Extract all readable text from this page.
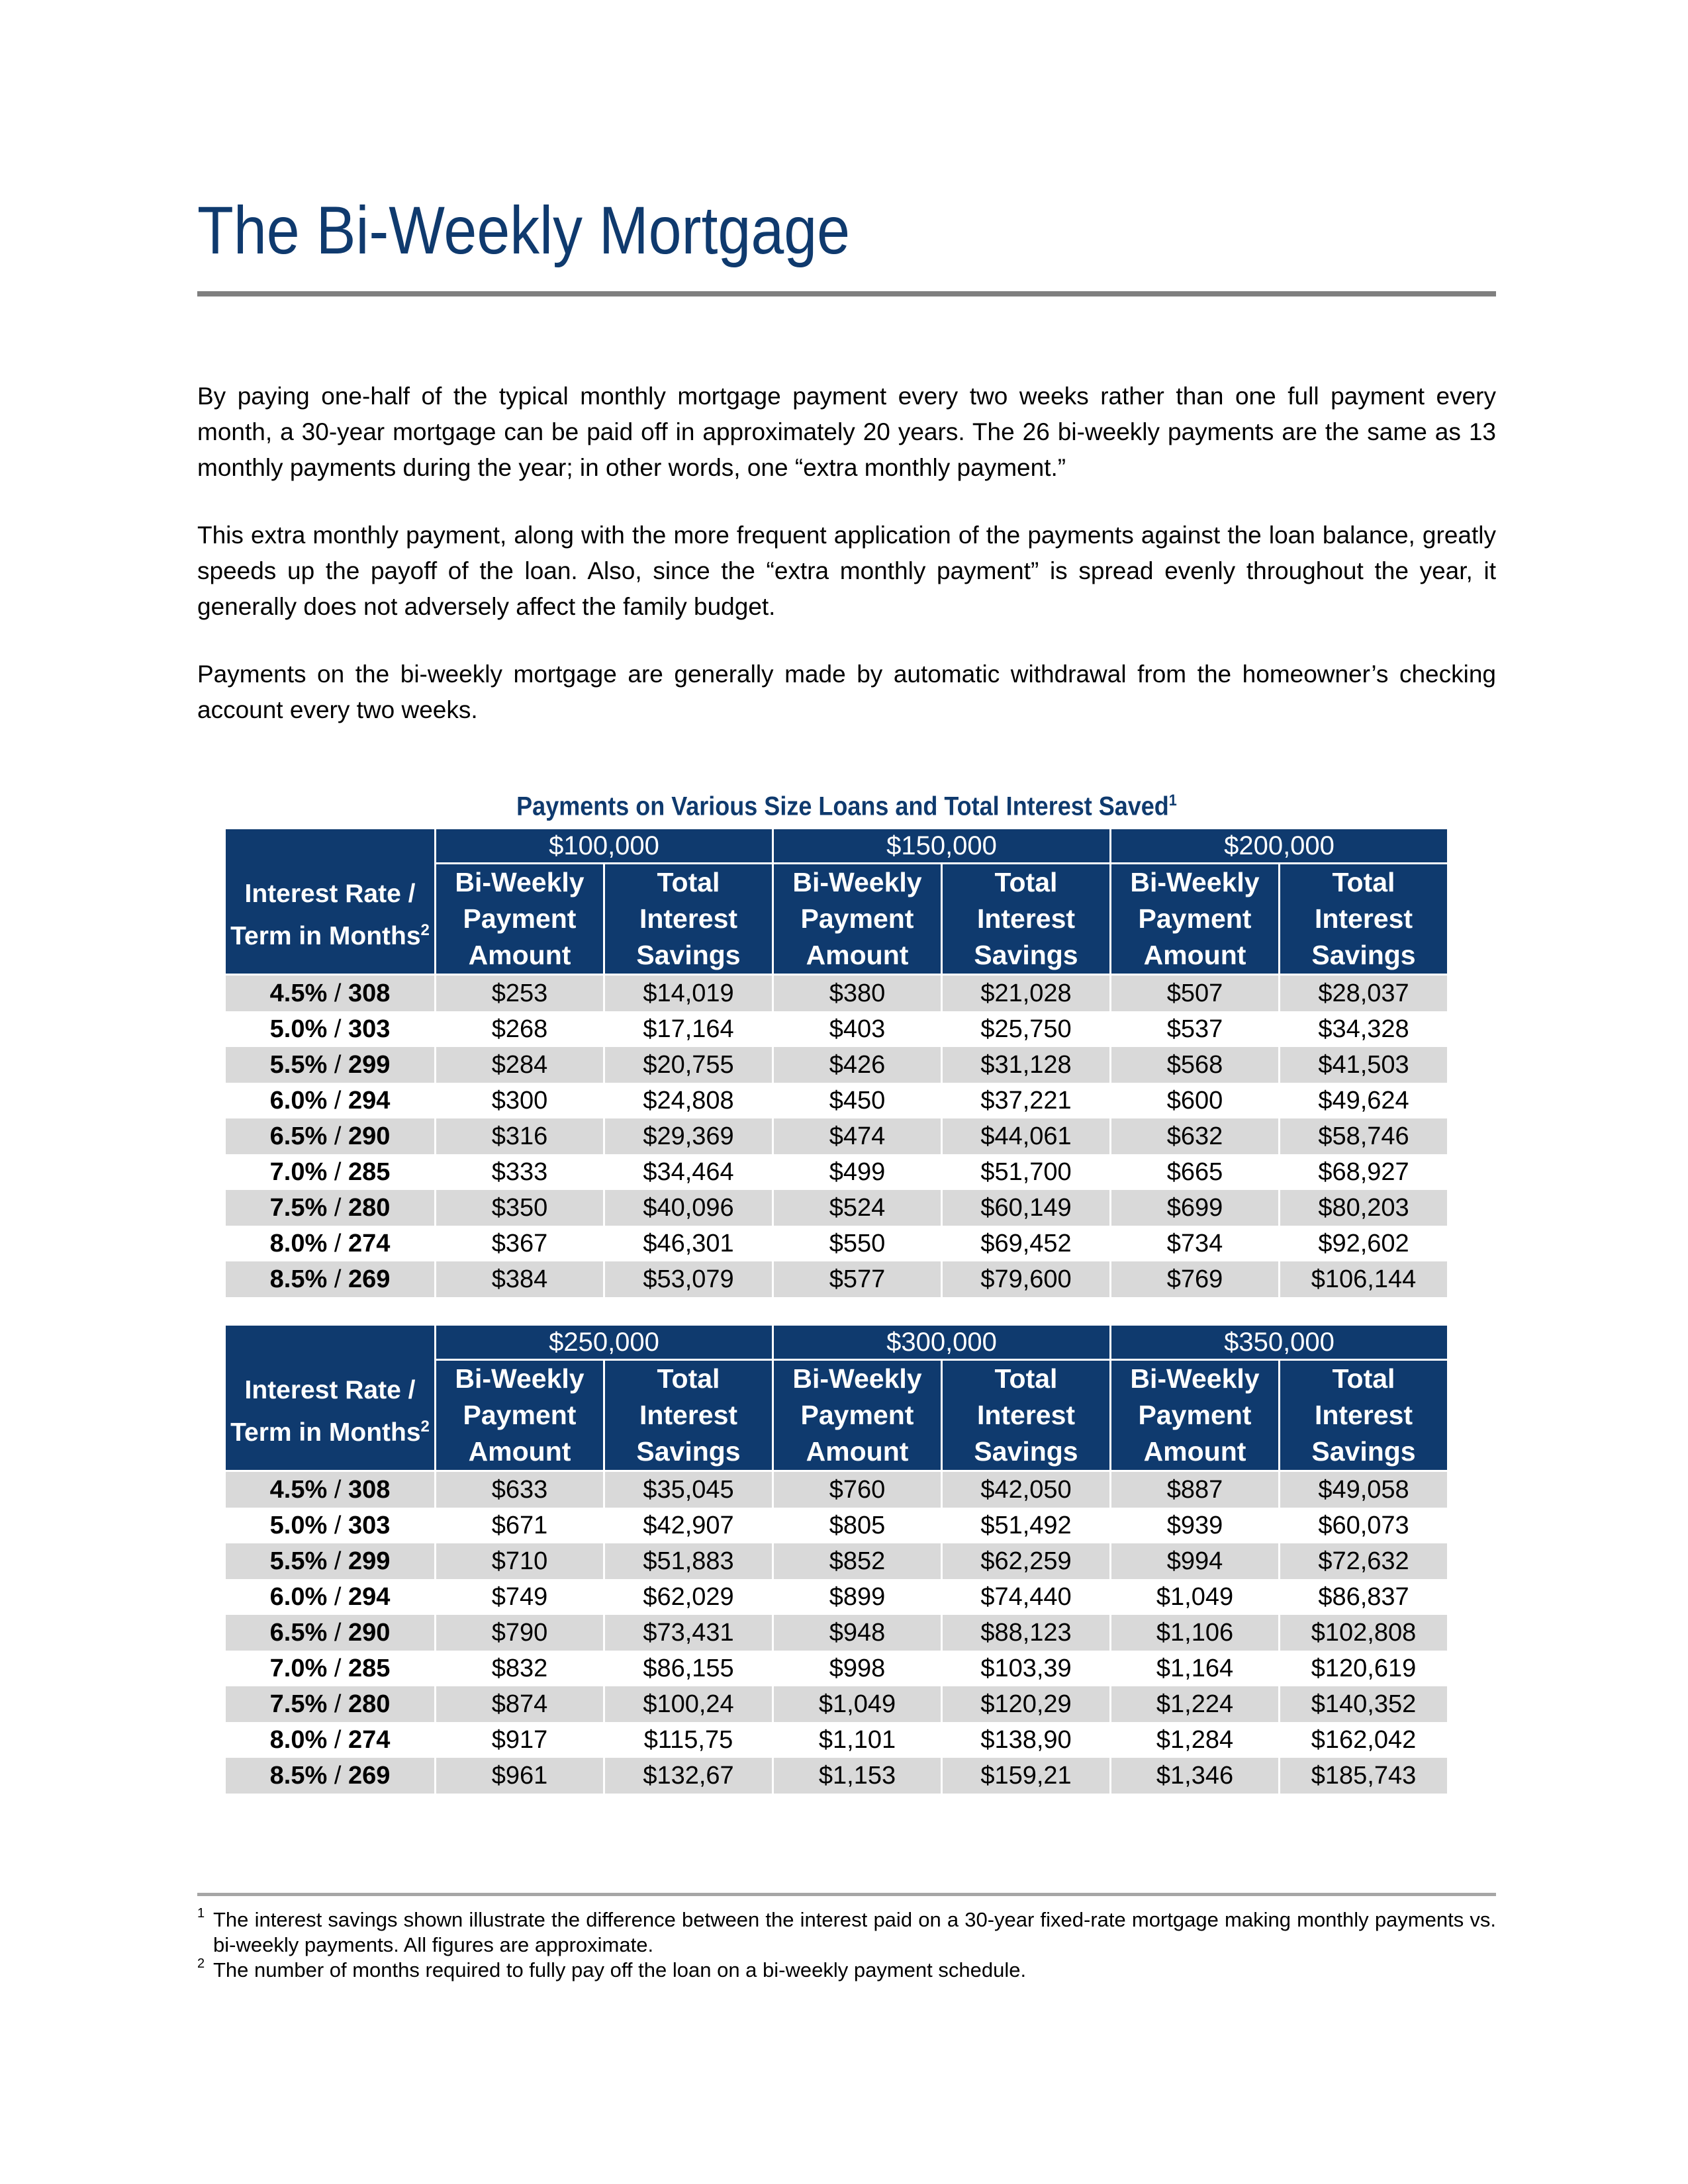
The Bi-Weekly Mortgage

By paying one-half of the typical monthly mortgage payment every two weeks rather than one full payment every month, a 30-year mortgage can be paid off in approximately 20 years. The 26 bi-weekly payments are the same as 13 monthly payments during the year; in other words, one “extra monthly payment.”

This extra monthly payment, along with the more frequent application of the payments against the loan balance, greatly speeds up the payoff of the loan. Also, since the “extra monthly payment” is spread evenly throughout the year, it generally does not adversely affect the family budget.

Payments on the bi-weekly mortgage are generally made by automatic withdrawal from the homeowner’s checking account every two weeks.

Payments on Various Size Loans and Total Interest Saved$^1$
Interest Rate / Term in Months$^2$	$100,000		$150,000		$200,000	
	Bi-Weekly Payment Amount	Total Interest Savings	Bi-Weekly Payment Amount	Total Interest Savings	Bi-Weekly Payment Amount	Total Interest Savings
4.5% / 308	$253	$14,019	$380	$21,028	$507	$28,037
5.0% / 303	$268	$17,164	$403	$25,750	$537	$34,328
5.5% / 299	$284	$20,755	$426	$31,128	$568	$41,503
6.0% / 294	$300	$24,808	$450	$37,221	$600	$49,624
6.5% / 290	$316	$29,369	$474	$44,061	$632	$58,746
7.0% / 285	$333	$34,464	$499	$51,700	$665	$68,927
7.5% / 280	$350	$40,096	$524	$60,149	$699	$80,203
8.0% / 274	$367	$46,301	$550	$69,452	$734	$92,602
8.5% / 269	$384	$53,079	$577	$79,600	$769	$106,144
Interest Rate / Term in Months$^2$	$250,000		$300,000		$350,000	
	Bi-Weekly Payment Amount	Total Interest Savings	Bi-Weekly Payment Amount	Total Interest Savings	Bi-Weekly Payment Amount	Total Interest Savings
4.5% / 308	$633	$35,045	$760	$42,050	$887	$49,058
5.0% / 303	$671	$42,907	$805	$51,492	$939	$60,073
5.5% / 299	$710	$51,883	$852	$62,259	$994	$72,632
6.0% / 294	$749	$62,029	$899	$74,440	$1,049	$86,837
6.5% / 290	$790	$73,431	$948	$88,123	$1,106	$102,808
7.0% / 285	$832	$86,155	$998	$103,39	$1,164	$120,619
7.5% / 280	$874	$100,24	$1,049	$120,29	$1,224	$140,352
8.0% / 274	$917	$115,75	$1,101	$138,90	$1,284	$162,042
8.5% / 269	$961	$132,67	$1,153	$159,21	$1,346	$185,743
1 The interest savings shown illustrate the difference between the interest paid on a 30-year fixed-rate mortgage making monthly payments vs. bi-weekly payments. All figures are approximate.
2 The number of months required to fully pay off the loan on a bi-weekly payment schedule.
